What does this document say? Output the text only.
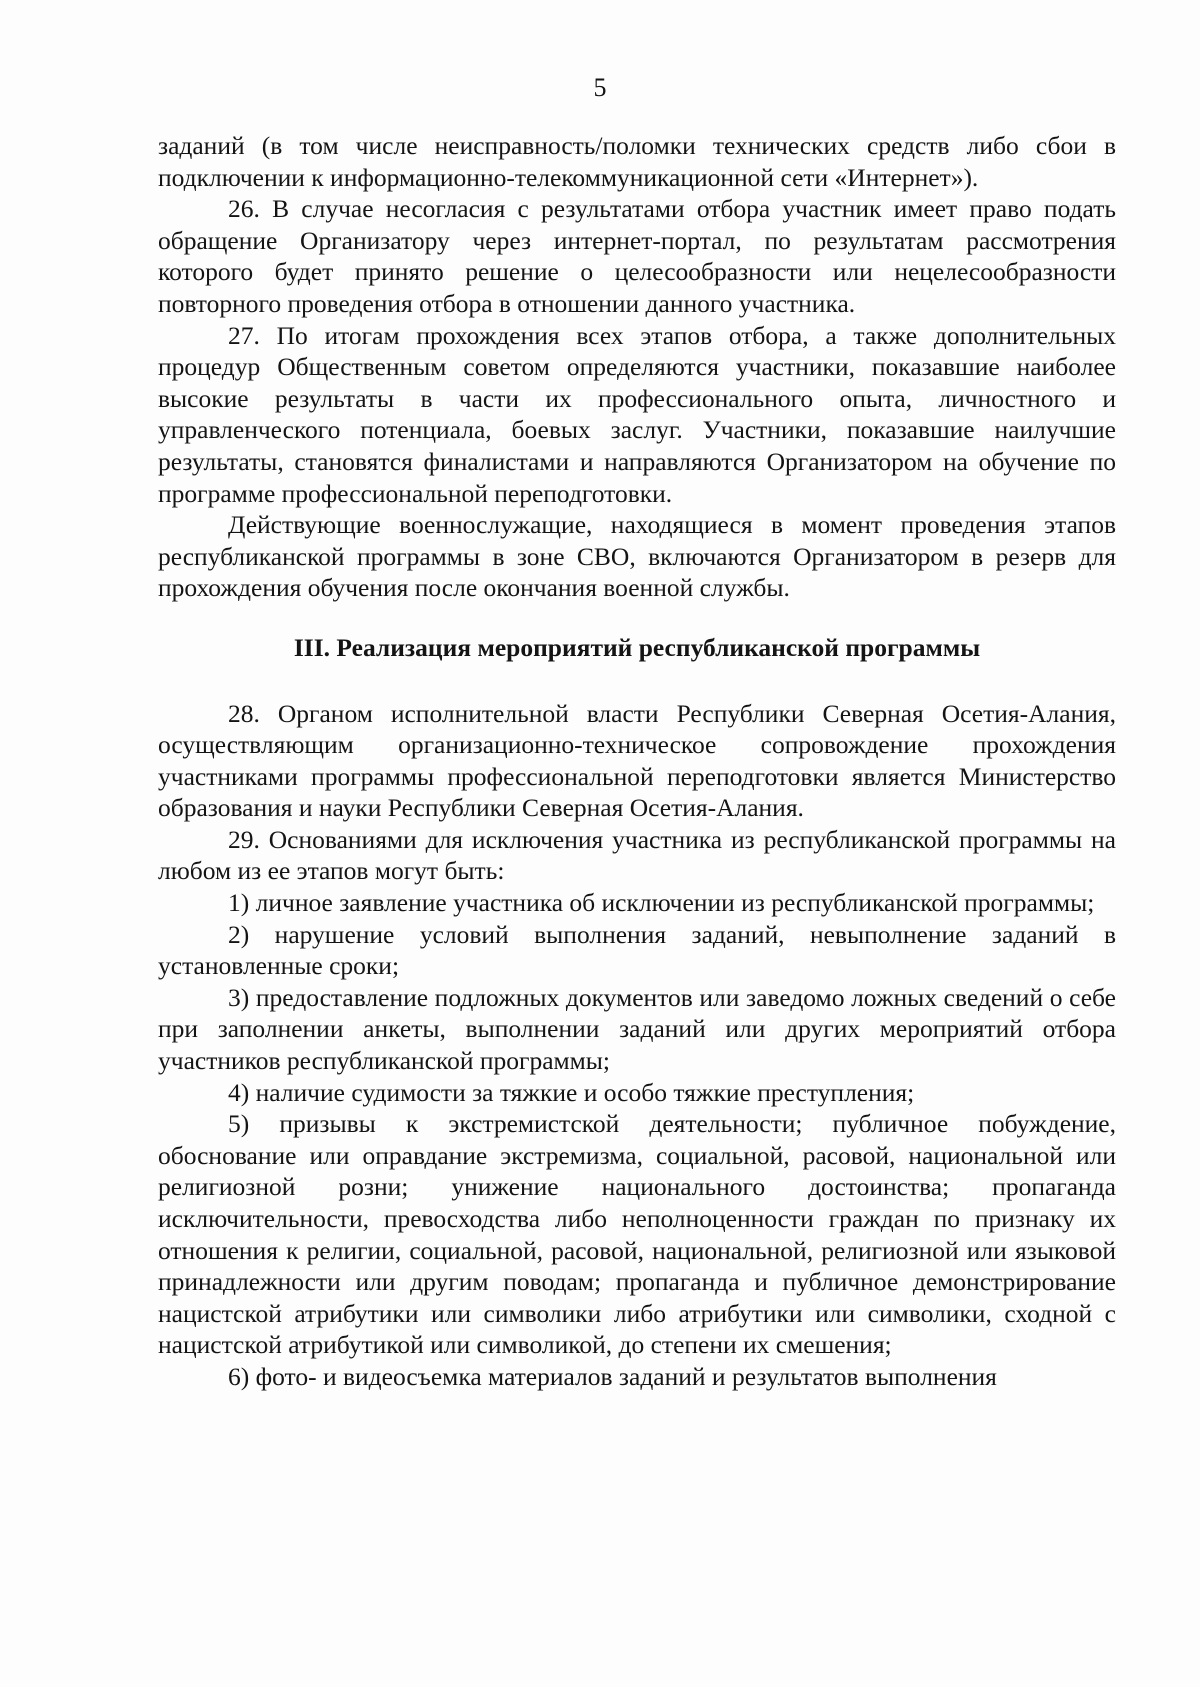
5

заданий (в том числе неисправность/поломки технических средств либо сбои в подключении к информационно-телекоммуникационной сети «Интернет»).

26. В случае несогласия с результатами отбора участник имеет право подать обращение Организатору через интернет-портал, по результатам рассмотрения которого будет принято решение о целесообразности или нецелесообразности повторного проведения отбора в отношении данного участника.

27. По итогам прохождения всех этапов отбора, а также дополнительных процедур Общественным советом определяются участники, показавшие наиболее высокие результаты в части их профессионального опыта, личностного и управленческого потенциала, боевых заслуг. Участники, показавшие наилучшие результаты, становятся финалистами и направляются Организатором на обучение по программе профессиональной переподготовки.

Действующие военнослужащие, находящиеся в момент проведения этапов республиканской программы в зоне СВО, включаются Организатором в резерв для прохождения обучения после окончания военной службы.

III. Реализация мероприятий республиканской программы

28. Органом исполнительной власти Республики Северная Осетия-Алания, осуществляющим организационно-техническое сопровождение прохождения участниками программы профессиональной переподготовки является Министерство образования и науки Республики Северная Осетия-Алания.

29. Основаниями для исключения участника из республиканской программы на любом из ее этапов могут быть:

1) личное заявление участника об исключении из республиканской программы;

2) нарушение условий выполнения заданий, невыполнение заданий в установленные сроки;

3) предоставление подложных документов или заведомо ложных сведений о себе при заполнении анкеты, выполнении заданий или других мероприятий отбора участников республиканской программы;

4) наличие судимости за тяжкие и особо тяжкие преступления;

5) призывы к экстремистской деятельности; публичное побуждение, обоснование или оправдание экстремизма, социальной, расовой, национальной или религиозной розни; унижение национального достоинства; пропаганда исключительности, превосходства либо неполноценности граждан по признаку их отношения к религии, социальной, расовой, национальной, религиозной или языковой принадлежности или другим поводам; пропаганда и публичное демонстрирование нацистской атрибутики или символики либо атрибутики или символики, сходной с нацистской атрибутикой или символикой, до степени их смешения;

6) фото- и видеосъемка материалов заданий и результатов выполнения
